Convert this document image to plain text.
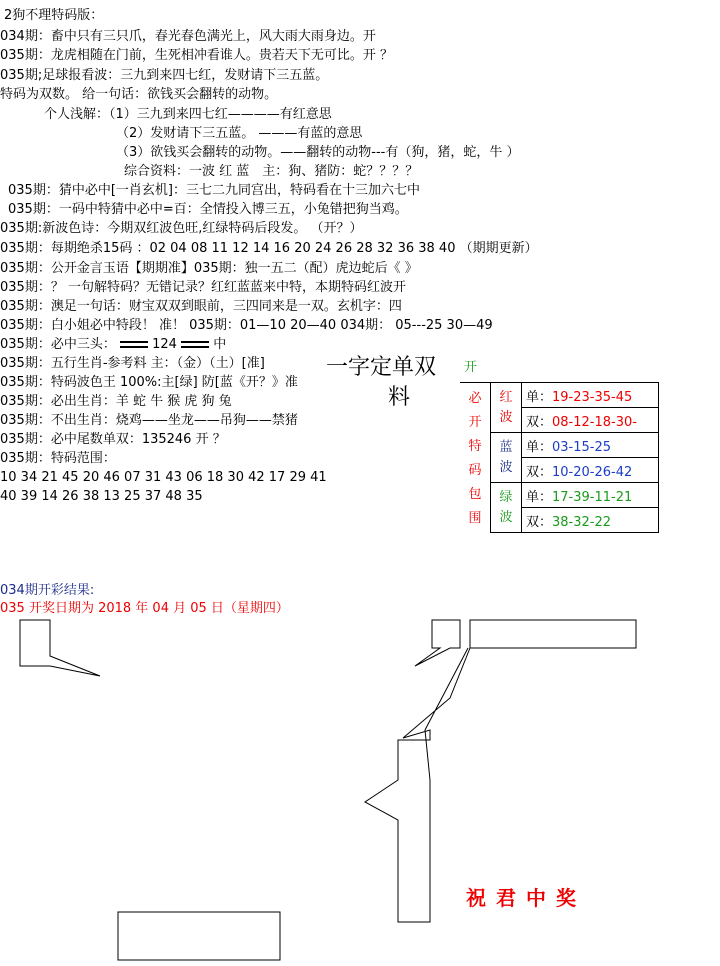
2狗不理特码版：
034期：畜中只有三只爪，春光春色满光上，风大雨大雨身边。开
035期：龙虎相随在门前，生死相冲看谁人。贵若天下无可比。开 ？
035期;足球报看波：三九到来四七红，发财请下三五蓝。
特码为双数。 给一句话：欲钱买会翻转的动物。
个人浅解：（1）三九到来四七红————有红意思
（2）发财请下三五蓝。 ———有蓝的意思
（3）欲钱买会翻转的动物。——翻转的动物---有（狗，猪，蛇，牛 ）
综合资料：一波 红 蓝　主：狗、猪防：蛇？？？？
035期：猜中必中[一肖玄机]：三七二九同宫出，特码看在十三加六七中
035期：一码中特猜中必中=百：全情投入博三五，小兔错把狗当鸡。
035期:新波色诗：今期双红波色旺,红绿特码后段发。 （开？）
035期：每期绝杀15码 ：02 04 08 11 12 14 16 20 24 26 28 32 36 38 40 （期期更新）
035期：公开金言玉语【期期准】035期：独一五二（配）虎边蛇后《 》
035期：？ 一句解特码？无错记录？红红蓝蓝来中特，本期特码红波开
035期：澳足一句话：财宝双双到眼前，三四同来是一双。玄机字：四
035期：白小姐必中特段！ 准！ 035期：01—10 20—40 034期： 05---25 30—49
035期：必中三头：	124	中
035期：五行生肖-参考料 主：（金）（土）[准]
035期：特码波色王 100%:主[绿] 防[蓝《开？》准
035期：必出生肖：羊 蛇 牛 猴 虎 狗 兔
035期：不出生肖：烧鸡——坐龙——吊狗——禁猪
035期：必中尾数单双：135246 开 ？
035期：特码范围：
10 34 21 45 20 46 07 31 43 06 18 30 42 17 29 41
40 39 14 26 38 13 25 37 48 35
一字定单双
料
开		
必开特码包围	红波	单：19-23-35-45
		双：08-12-18-30-
	蓝波	单：03-15-25
		双：10-20-26-42
	绿波	单：17-39-11-21
		双：38-32-22
034期开彩结果:
035 开奖日期为 2018 年 04 月 05 日（星期四）
祝君中奖
